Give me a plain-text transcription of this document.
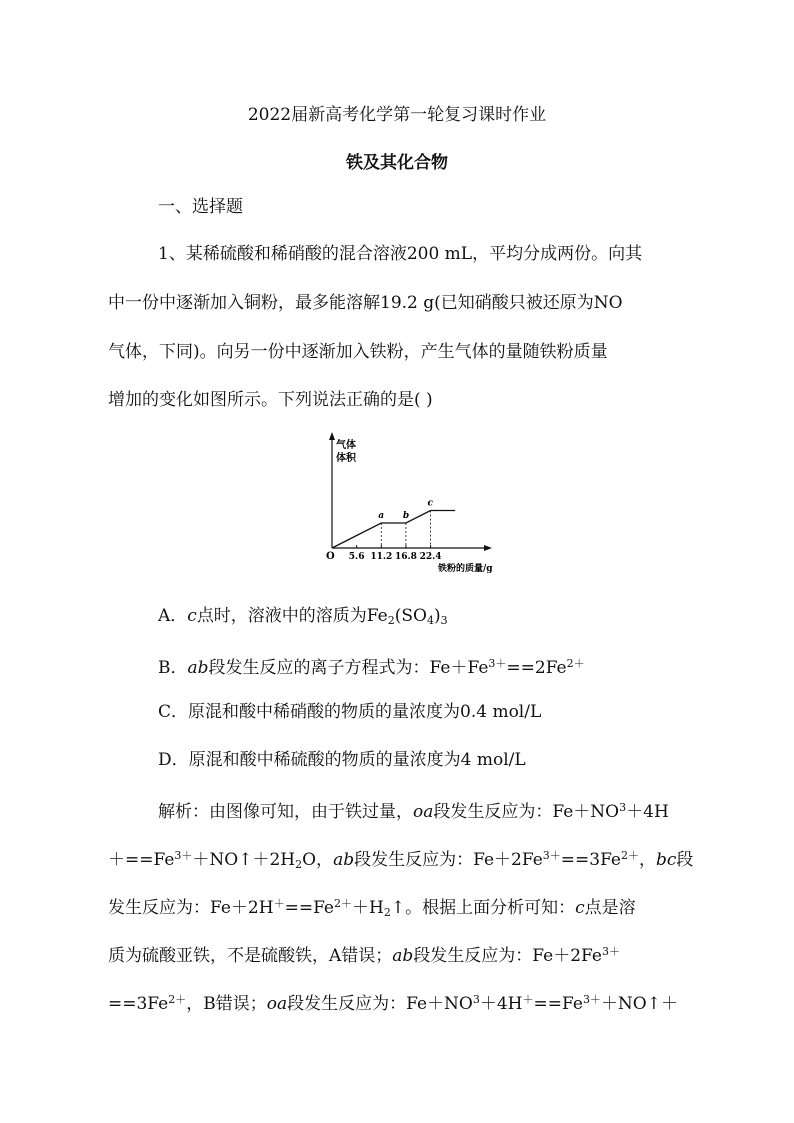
2022届新高考化学第一轮复习课时作业
铁及其化合物
一、选择题
1、某稀硫酸和稀硝酸的混合溶液200 mL，平均分成两份。向其
中一份中逐渐加入铜粉，最多能溶解19.2 g(已知硝酸只被还原为NO
气体，下同)。向另一份中逐渐加入铁粉，产生气体的量随铁粉质量
增加的变化如图所示。下列说法正确的是( )
气体
体积
O
铁粉的质量/g
5.6 11.2 16.8 22.4
a b
c
A．c点时，溶液中的溶质为$Fe_2(SO_4)_3$
B．ab段发生反应的离子方程式为：$Fe+Fe^{3+}==2Fe^{2+}$
C．原混和酸中稀硝酸的物质的量浓度为0.4 mol/L
D．原混和酸中稀硫酸的物质的量浓度为4 mol/L
解析：由图像可知，由于铁过量，oa段发生反应为：$Fe+NO^3+4H$
$+==Fe^{3+}+NO↑+2H_2O$，ab段发生反应为：$Fe+2Fe^{3+}==3Fe^{2+}$，bc段
发生反应为：$Fe+2H^+==Fe^{2+}+H_2↑$。根据上面分析可知：c点是溶
质为硫酸亚铁，不是硫酸铁，A错误；ab段发生反应为：$Fe+2Fe^{3+}$
$==3Fe^{2+}$，B错误；oa段发生反应为：$Fe+NO^3+4H^+==Fe^{3+}+NO↑+$
